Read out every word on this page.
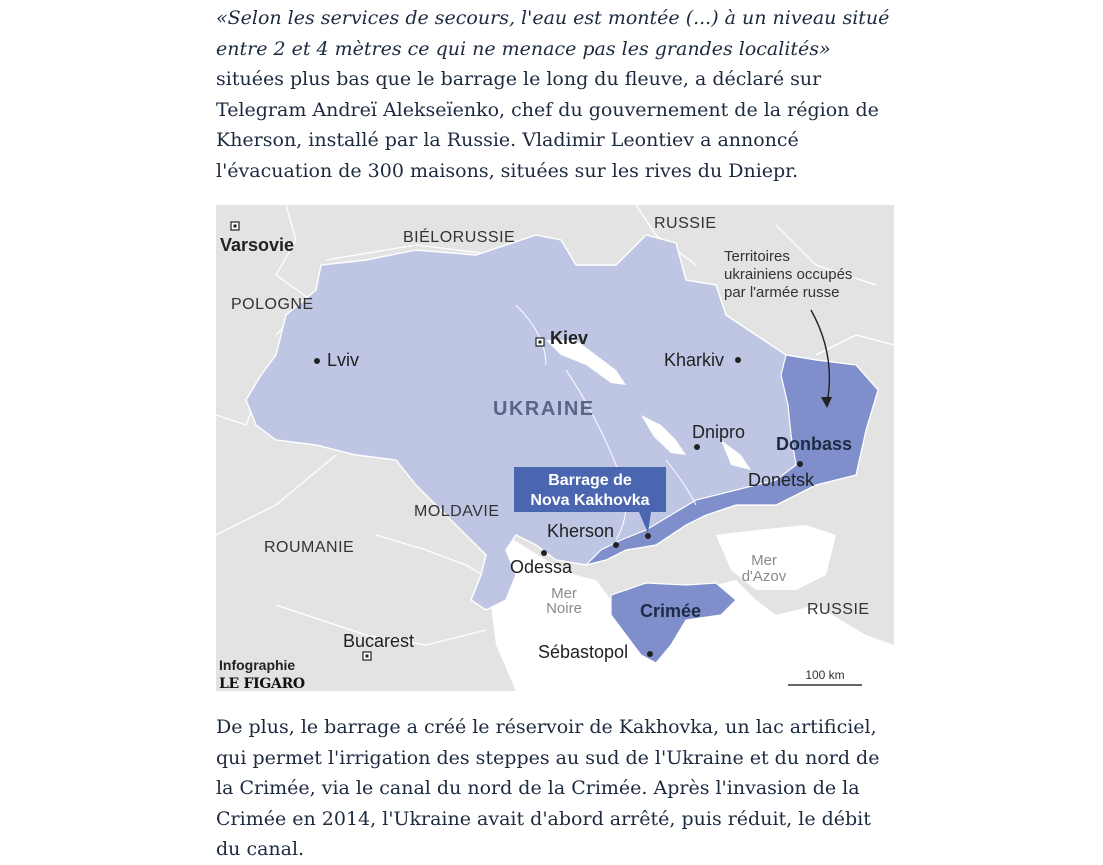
«Selon les services de secours, l'eau est montée (...) à un niveau situé entre 2 et 4 mètres ce qui ne menace pas les grandes localités» situées plus bas que le barrage le long du fleuve, a déclaré sur Telegram Andreï Alekseïenko, chef du gouvernement de la région de Kherson, installé par la Russie. Vladimir Leontiev a annoncé l'évacuation de 300 maisons, situées sur les rives du Dniepr.

De plus, le barrage a créé le réservoir de Kakhovka, un lac artificiel, qui permet l'irrigation des steppes au sud de l'Ukraine et du nord de la Crimée, via le canal du nord de la Crimée. Après l'invasion de la Crimée en 2014, l'Ukraine avait d'abord arrêté, puis réduit, le débit du canal.

RUSSIE
BIÉLORUSSIE
POLOGNE
MOLDAVIE
ROUMANIE
RUSSIE
UKRAINE
Varsovie
Kiev
Lviv	Kharkiv
Dnipro
Donetsk
Kherson
Odessa
Bucarest
Sébastopol
Donbass
Crimée
Mer
Noire
Mer
d'Azov
Territoires
ukrainiens occupés
par l'armée russe
Barrage de
Nova Kakhovka
Infographie
LE FIGARO
100 km
